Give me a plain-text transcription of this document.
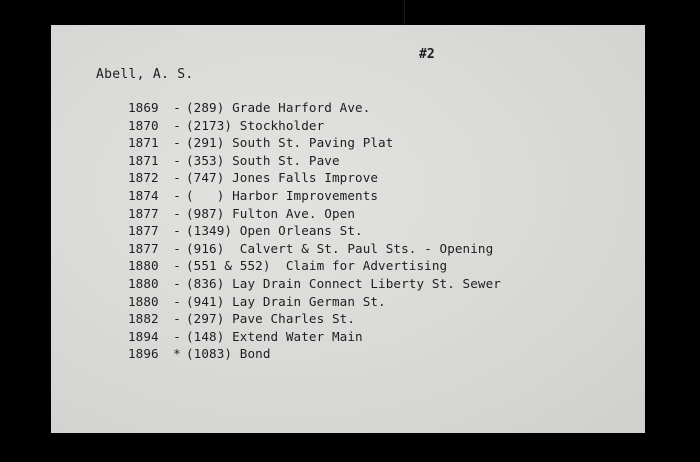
#2
Abell, A. S.
1869 - (289) Grade Harford Ave.
1870 - (2173) Stockholder
1871 - (291) South St. Paving Plat
1871 - (353) South St. Pave
1872 - (747) Jones Falls Improve
1874 - (   ) Harbor Improvements
1877 - (987) Fulton Ave. Open
1877 - (1349) Open Orleans St.
1877 - (916)  Calvert & St. Paul Sts. - Opening
1880 - (551 & 552)  Claim for Advertising
1880 - (836) Lay Drain Connect Liberty St. Sewer
1880 - (941) Lay Drain German St.
1882 - (297) Pave Charles St.
1894 - (148) Extend Water Main
1896 * (1083) Bond
